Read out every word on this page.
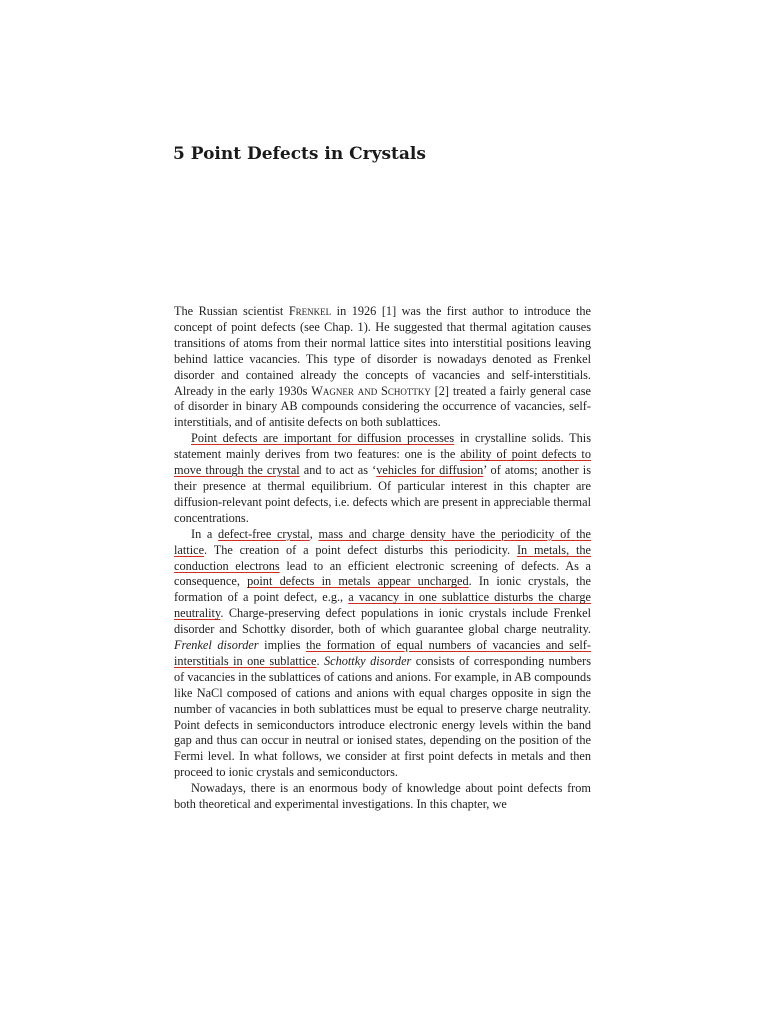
5 Point Defects in Crystals

The Russian scientist Frenkel in 1926 [1] was the first author to introduce the concept of point defects (see Chap. 1). He suggested that thermal agitation causes transitions of atoms from their normal lattice sites into interstitial positions leaving behind lattice vacancies. This type of disorder is nowadays denoted as Frenkel disorder and contained already the concepts of vacancies and self-interstitials. Already in the early 1930s Wagner and Schottky [2] treated a fairly general case of disorder in binary AB compounds considering the occurrence of vacancies, self-interstitials, and of antisite defects on both sublattices.

Point defects are important for diffusion processes in crystalline solids. This statement mainly derives from two features: one is the ability of point defects to move through the crystal and to act as ‘vehicles for diffusion’ of atoms; another is their presence at thermal equilibrium. Of particular interest in this chapter are diffusion-relevant point defects, i.e. defects which are present in appreciable thermal concentrations.

In a defect-free crystal, mass and charge density have the periodicity of the lattice. The creation of a point defect disturbs this periodicity. In metals, the conduction electrons lead to an efficient electronic screening of defects. As a consequence, point defects in metals appear uncharged. In ionic crystals, the formation of a point defect, e.g., a vacancy in one sublattice disturbs the charge neutrality. Charge-preserving defect populations in ionic crystals include Frenkel disorder and Schottky disorder, both of which guarantee global charge neutrality. Frenkel disorder implies the formation of equal numbers of vacancies and self-interstitials in one sublattice. Schottky disorder consists of corresponding numbers of vacancies in the sublattices of cations and anions. For example, in AB compounds like NaCl composed of cations and anions with equal charges opposite in sign the number of vacancies in both sublattices must be equal to preserve charge neutrality. Point defects in semiconductors introduce electronic energy levels within the band gap and thus can occur in neutral or ionised states, depending on the position of the Fermi level. In what follows, we consider at first point defects in metals and then proceed to ionic crystals and semiconductors.

Nowadays, there is an enormous body of knowledge about point defects from both theoretical and experimental investigations. In this chapter, we
